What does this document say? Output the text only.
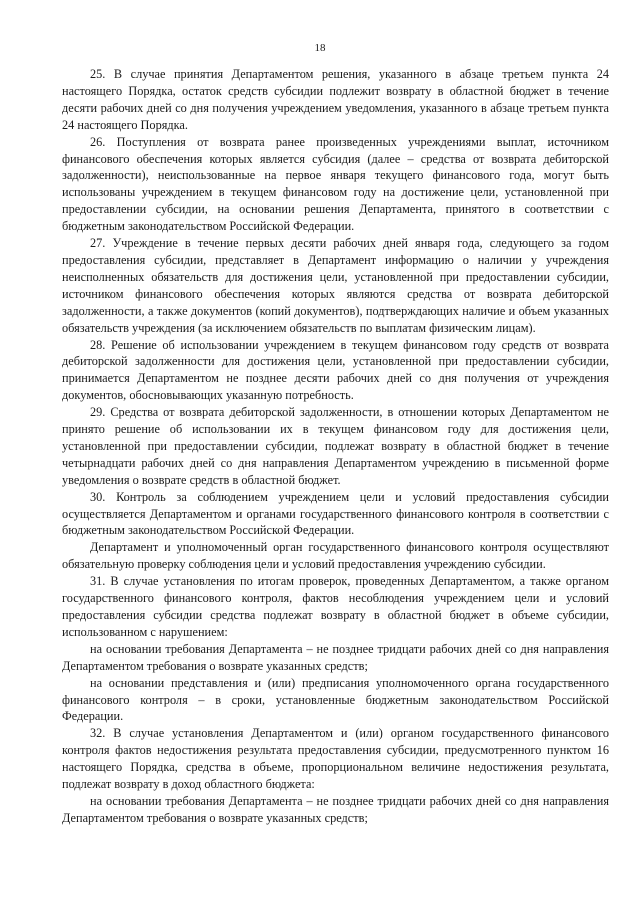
18

25. В случае принятия Департаментом решения, указанного в абзаце третьем пункта 24 настоящего Порядка, остаток средств субсидии подлежит возврату в областной бюджет в течение десяти рабочих дней со дня получения учреждением уведомления, указанного в абзаце третьем пункта 24 настоящего Порядка.

26. Поступления от возврата ранее произведенных учреждениями выплат, источником финансового обеспечения которых является субсидия (далее – средства от возврата дебиторской задолженности), неиспользованные на первое января текущего финансового года, могут быть использованы учреждением в текущем финансовом году на достижение цели, установленной при предоставлении субсидии, на основании решения Департамента, принятого в соответствии с бюджетным законодательством Российской Федерации.

27. Учреждение в течение первых десяти рабочих дней января года, следующего за годом предоставления субсидии, представляет в Департамент информацию о наличии у учреждения неисполненных обязательств для достижения цели, установленной при предоставлении субсидии, источником финансового обеспечения которых являются средства от возврата дебиторской задолженности, а также документов (копий документов), подтверждающих наличие и объем указанных обязательств учреждения (за исключением обязательств по выплатам физическим лицам).

28. Решение об использовании учреждением в текущем финансовом году средств от возврата дебиторской задолженности для достижения цели, установленной при предоставлении субсидии, принимается Департаментом не позднее десяти рабочих дней со дня получения от учреждения документов, обосновывающих указанную потребность.

29. Средства от возврата дебиторской задолженности, в отношении которых Департаментом не принято решение об использовании их в текущем финансовом году для достижения цели, установленной при предоставлении субсидии, подлежат возврату в областной бюджет в течение четырнадцати рабочих дней со дня направления Департаментом учреждению в письменной форме уведомления о возврате средств в областной бюджет.

30. Контроль за соблюдением учреждением цели и условий предоставления субсидии осуществляется Департаментом и органами государственного финансового контроля в соответствии с бюджетным законодательством Российской Федерации.

Департамент и уполномоченный орган государственного финансового контроля осуществляют обязательную проверку соблюдения цели и условий предоставления учреждению субсидии.

31. В случае установления по итогам проверок, проведенных Департаментом, а также органом государственного финансового контроля, фактов несоблюдения учреждением цели и условий предоставления субсидии средства подлежат возврату в областной бюджет в объеме субсидии, использованном с нарушением:

на основании требования Департамента – не позднее тридцати рабочих дней со дня направления Департаментом требования о возврате указанных средств;

на основании представления и (или) предписания уполномоченного органа государственного финансового контроля – в сроки, установленные бюджетным законодательством Российской Федерации.

32. В случае установления Департаментом и (или) органом государственного финансового контроля фактов недостижения результата предоставления субсидии, предусмотренного пунктом 16 настоящего Порядка, средства в объеме, пропорциональном величине недостижения результата, подлежат возврату в доход областного бюджета:

на основании требования Департамента – не позднее тридцати рабочих дней со дня направления Департаментом требования о возврате указанных средств;
